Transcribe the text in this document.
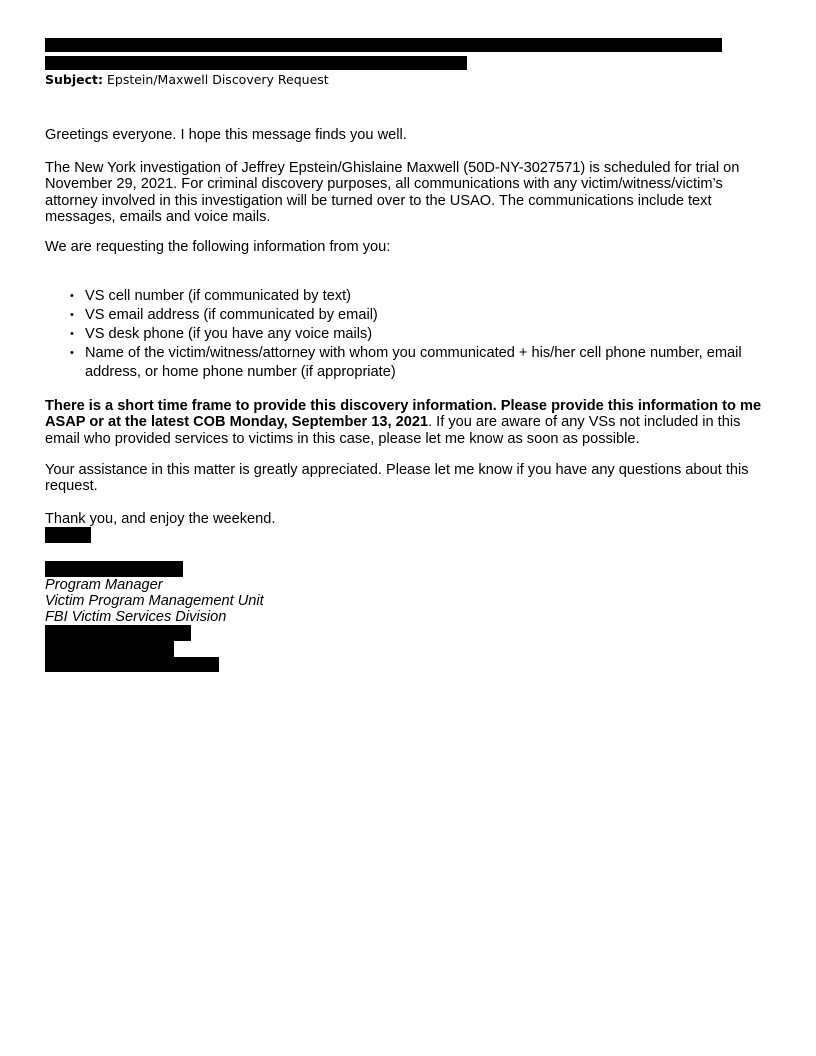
Subject: Epstein/Maxwell Discovery Request

Greetings everyone. I hope this message finds you well.

The New York investigation of Jeffrey Epstein/Ghislaine Maxwell (50D-NY-3027571) is scheduled for trial on November 29, 2021. For criminal discovery purposes, all communications with any victim/witness/victim’s attorney involved in this investigation will be turned over to the USAO. The communications include text messages, emails and voice mails.

We are requesting the following information from you:

• VS cell number (if communicated by text)
• VS email address (if communicated by email)
• VS desk phone (if you have any voice mails)
• Name of the victim/witness/attorney with whom you communicated + his/her cell phone number, email address, or home phone number (if appropriate)

There is a short time frame to provide this discovery information. Please provide this information to me ASAP or at the latest COB Monday, September 13, 2021. If you are aware of any VSs not included in this email who provided services to victims in this case, please let me know as soon as possible.

Your assistance in this matter is greatly appreciated. Please let me know if you have any questions about this request.

Thank you, and enjoy the weekend.

Program Manager
Victim Program Management Unit
FBI Victim Services Division
